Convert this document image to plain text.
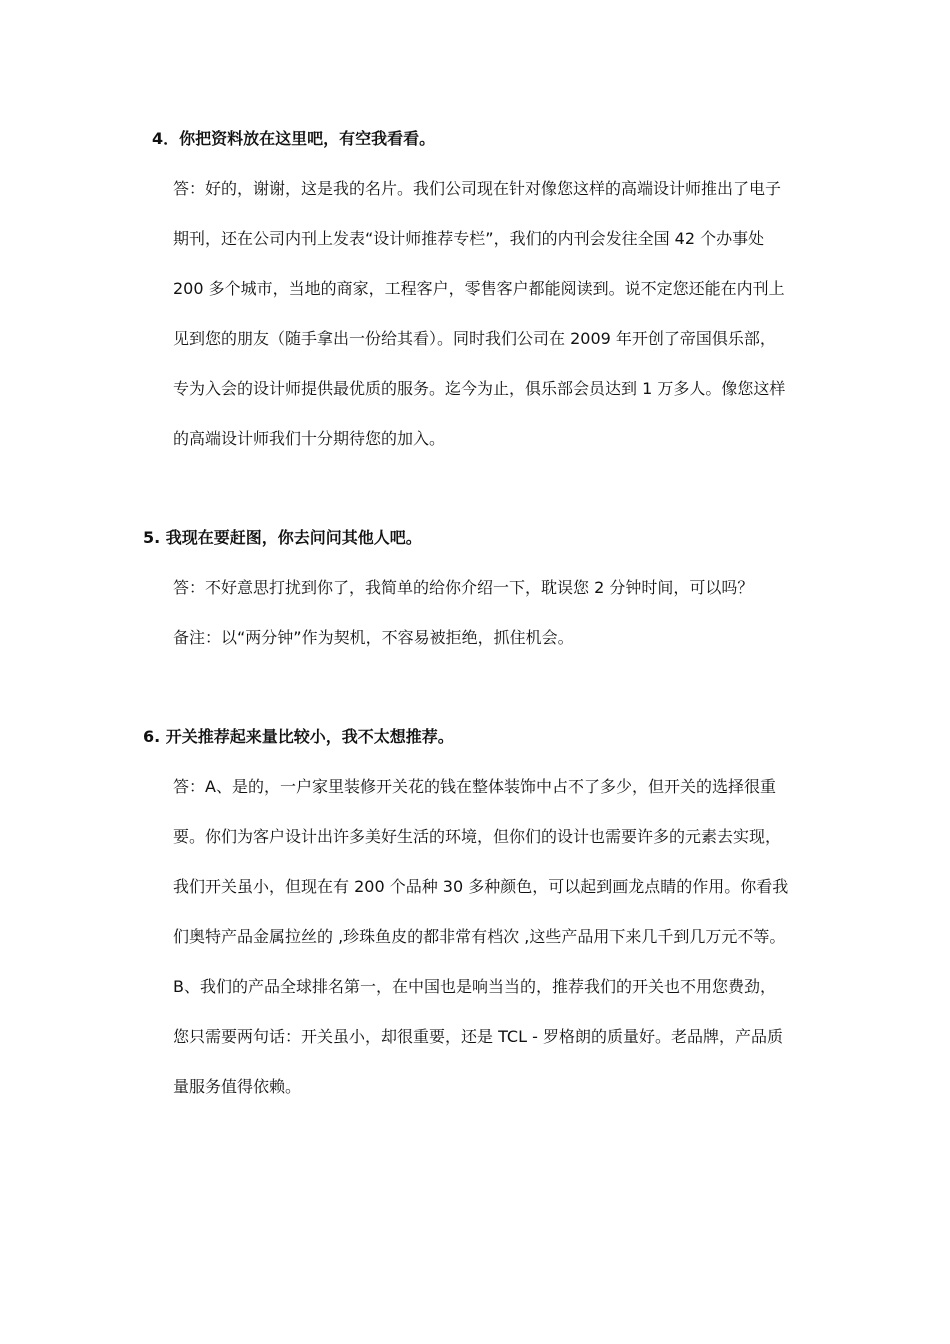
4．你把资料放在这里吧，有空我看看。
答：好的，谢谢，这是我的名片。我们公司现在针对像您这样的高端设计师推出了电子
期刊，还在公司内刊上发表“设计师推荐专栏”，我们的内刊会发往全国 42 个办事处
200 多个城市，当地的商家，工程客户，零售客户都能阅读到。说不定您还能在内刊上
见到您的朋友（随手拿出一份给其看）。同时我们公司在 2009 年开创了帝国俱乐部，
专为入会的设计师提供最优质的服务。迄今为止，俱乐部会员达到 1 万多人。像您这样
的高端设计师我们十分期待您的加入。
5. 我现在要赶图，你去问问其他人吧。
答：不好意思打扰到你了，我简单的给你介绍一下，耽误您 2 分钟时间，可以吗？
备注：以“两分钟”作为契机，不容易被拒绝，抓住机会。
6. 开关推荐起来量比较小，我不太想推荐。
答：A、是的，一户家里装修开关花的钱在整体装饰中占不了多少，但开关的选择很重
要。你们为客户设计出许多美好生活的环境，但你们的设计也需要许多的元素去实现，
我们开关虽小，但现在有 200 个品种 30 多种颜色，可以起到画龙点睛的作用。你看我
们奥特产品金属拉丝的 ,珍珠鱼皮的都非常有档次 ,这些产品用下来几千到几万元不等。
B、我们的产品全球排名第一，在中国也是响当当的，推荐我们的开关也不用您费劲，
您只需要两句话：开关虽小，却很重要，还是 TCL - 罗格朗的质量好。老品牌，产品质
量服务值得依赖。
